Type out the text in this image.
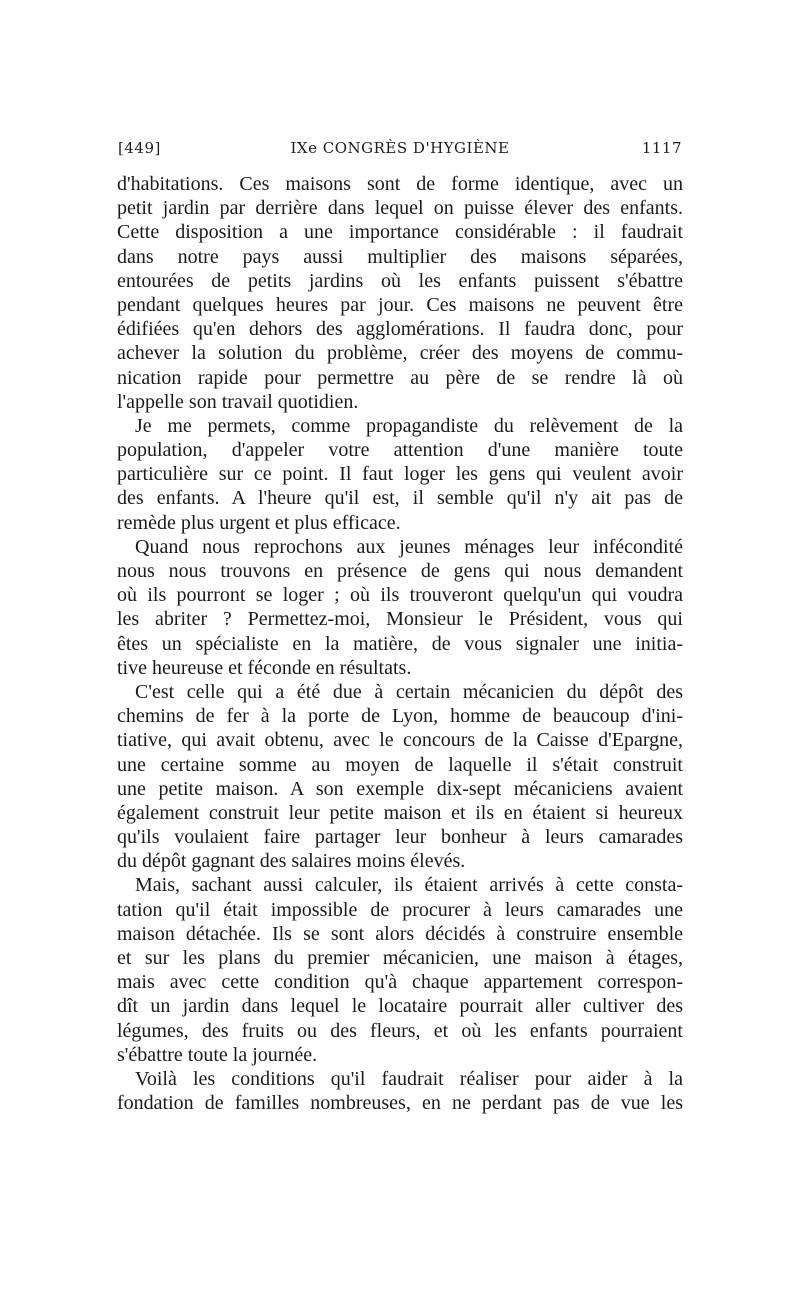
[449]	IXe CONGRÈS D'HYGIÈNE	1117
d'habitations. Ces maisons sont de forme identique, avec un
petit jardin par derrière dans lequel on puisse élever des enfants.
Cette disposition a une importance considérable : il faudrait
dans notre pays aussi multiplier des maisons séparées,
entourées de petits jardins où les enfants puissent s'ébattre
pendant quelques heures par jour. Ces maisons ne peuvent être
édifiées qu'en dehors des agglomérations. Il faudra donc, pour
achever la solution du problème, créer des moyens de commu-
nication rapide pour permettre au père de se rendre là où
l'appelle son travail quotidien.
Je me permets, comme propagandiste du relèvement de la
population, d'appeler votre attention d'une manière toute
particulière sur ce point. Il faut loger les gens qui veulent avoir
des enfants. A l'heure qu'il est, il semble qu'il n'y ait pas de
remède plus urgent et plus efficace.
Quand nous reprochons aux jeunes ménages leur infécondité
nous nous trouvons en présence de gens qui nous demandent
où ils pourront se loger ; où ils trouveront quelqu'un qui voudra
les abriter ? Permettez-moi, Monsieur le Président, vous qui
êtes un spécialiste en la matière, de vous signaler une initia-
tive heureuse et féconde en résultats.
C'est celle qui a été due à certain mécanicien du dépôt des
chemins de fer à la porte de Lyon, homme de beaucoup d'ini-
tiative, qui avait obtenu, avec le concours de la Caisse d'Epargne,
une certaine somme au moyen de laquelle il s'était construit
une petite maison. A son exemple dix-sept mécaniciens avaient
également construit leur petite maison et ils en étaient si heureux
qu'ils voulaient faire partager leur bonheur à leurs camarades
du dépôt gagnant des salaires moins élevés.
Mais, sachant aussi calculer, ils étaient arrivés à cette consta-
tation qu'il était impossible de procurer à leurs camarades une
maison détachée. Ils se sont alors décidés à construire ensemble
et sur les plans du premier mécanicien, une maison à étages,
mais avec cette condition qu'à chaque appartement correspon-
dît un jardin dans lequel le locataire pourrait aller cultiver des
légumes, des fruits ou des fleurs, et où les enfants pourraient
s'ébattre toute la journée.
Voilà les conditions qu'il faudrait réaliser pour aider à la
fondation de familles nombreuses, en ne perdant pas de vue les
